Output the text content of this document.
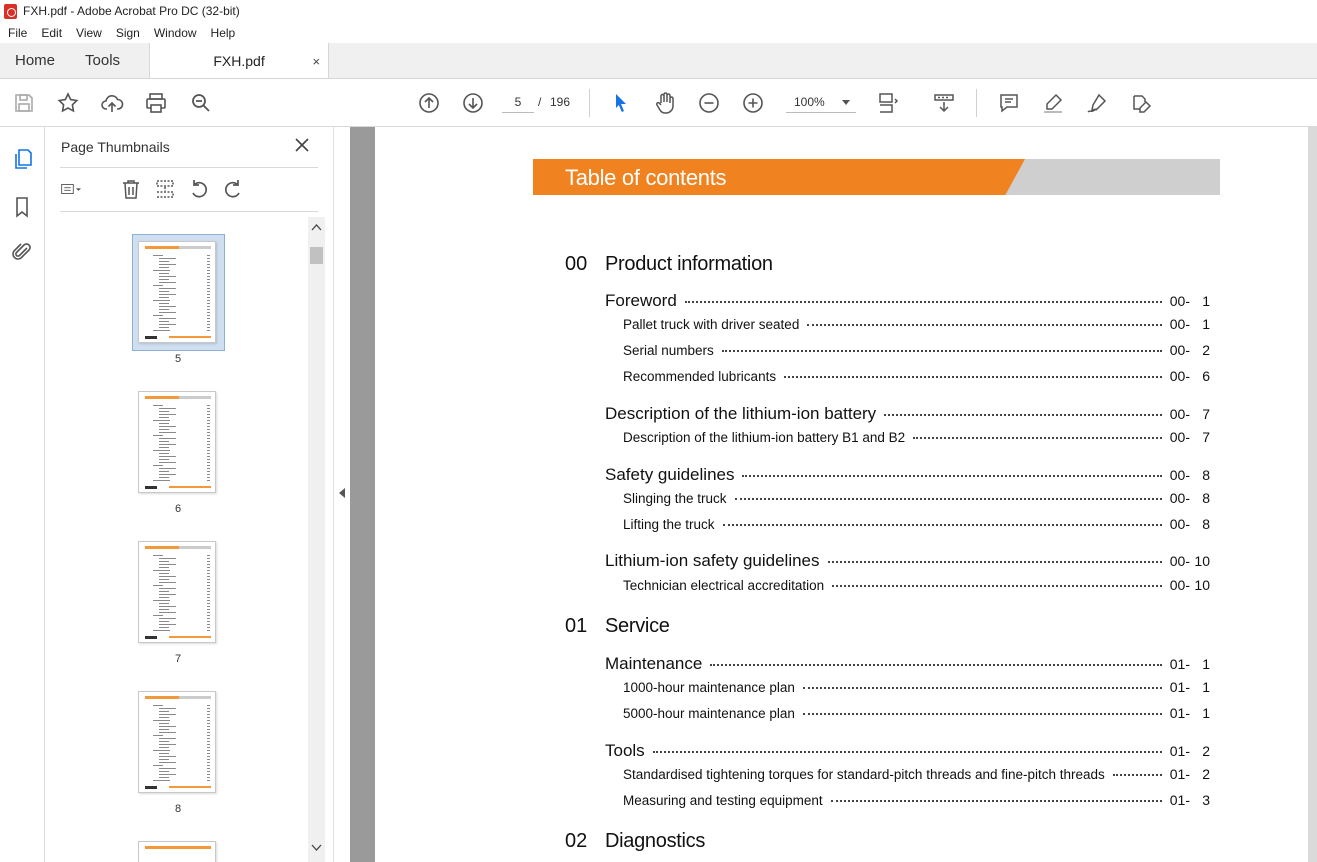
FXH.pdf - Adobe Acrobat Pro DC (32-bit)
File	Edit	View	Sign	Window	Help
Home	Tools	FXH.pdf	×
5	/ 196	100%
Page Thumbnails
5
6
7
8
Table of contents
00 Product information
Foreword	00- 1
Pallet truck with driver seated	00- 1
Serial numbers	00- 2
Recommended lubricants	00- 6
Description of the lithium-ion battery	00- 7
Description of the lithium-ion battery B1 and B2	00- 7
Safety guidelines	00- 8
Slinging the truck	00- 8
Lifting the truck	00- 8
Lithium-ion safety guidelines	00- 10
Technician electrical accreditation	00- 10
01 Service
Maintenance	01- 1
1000-hour maintenance plan	01- 1
5000-hour maintenance plan	01- 1
Tools	01- 2
Standardised tightening torques for standard-pitch threads and fine-pitch threads	01- 2
Measuring and testing equipment	01- 3
02 Diagnostics
